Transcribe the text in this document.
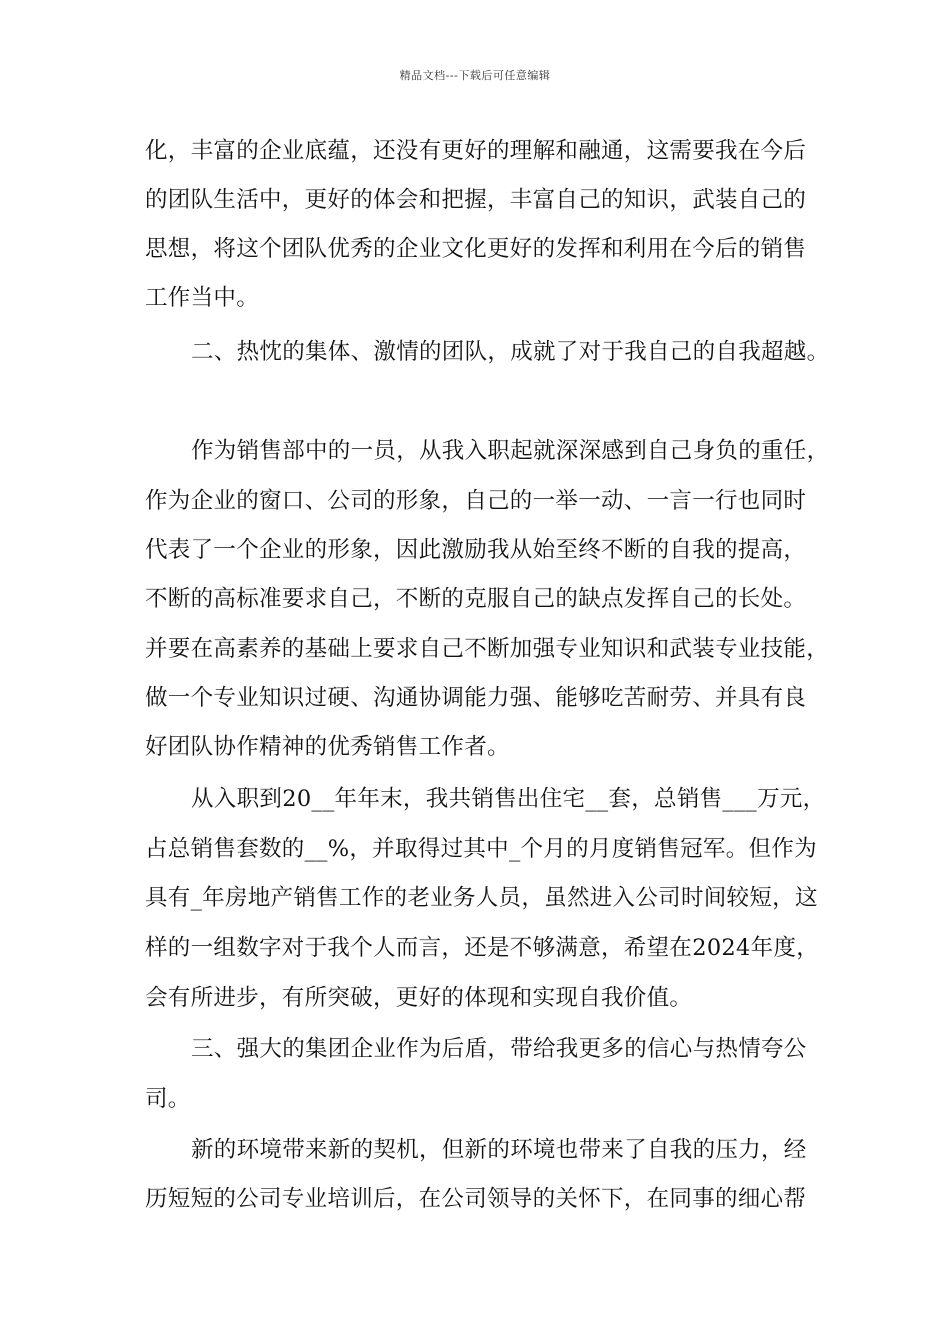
精品文档---下载后可任意编辑
化，丰富的企业底蕴，还没有更好的理解和融通，这需要我在今后
的团队生活中，更好的体会和把握，丰富自己的知识，武装自己的
思想，将这个团队优秀的企业文化更好的发挥和利用在今后的销售
工作当中。
二、热忱的集体、激情的团队，成就了对于我自己的自我超越。
作为销售部中的一员，从我入职起就深深感到自己身负的重任，
作为企业的窗口、公司的形象，自己的一举一动、一言一行也同时
代表了一个企业的形象，因此激励我从始至终不断的自我的提高，
不断的高标准要求自己，不断的克服自己的缺点发挥自己的长处。
并要在高素养的基础上要求自己不断加强专业知识和武装专业技能，
做一个专业知识过硬、沟通协调能力强、能够吃苦耐劳、并具有良
好团队协作精神的优秀销售工作者。
从入职到20__年年末，我共销售出住宅__套，总销售___万元，
占总销售套数的__%，并取得过其中_个月的月度销售冠军。但作为
具有_年房地产销售工作的老业务人员，虽然进入公司时间较短，这
样的一组数字对于我个人而言，还是不够满意，希望在2024年度，
会有所进步，有所突破，更好的体现和实现自我价值。
三、强大的集团企业作为后盾，带给我更多的信心与热情夸公
司。
新的环境带来新的契机，但新的环境也带来了自我的压力，经
历短短的公司专业培训后，在公司领导的关怀下，在同事的细心帮
